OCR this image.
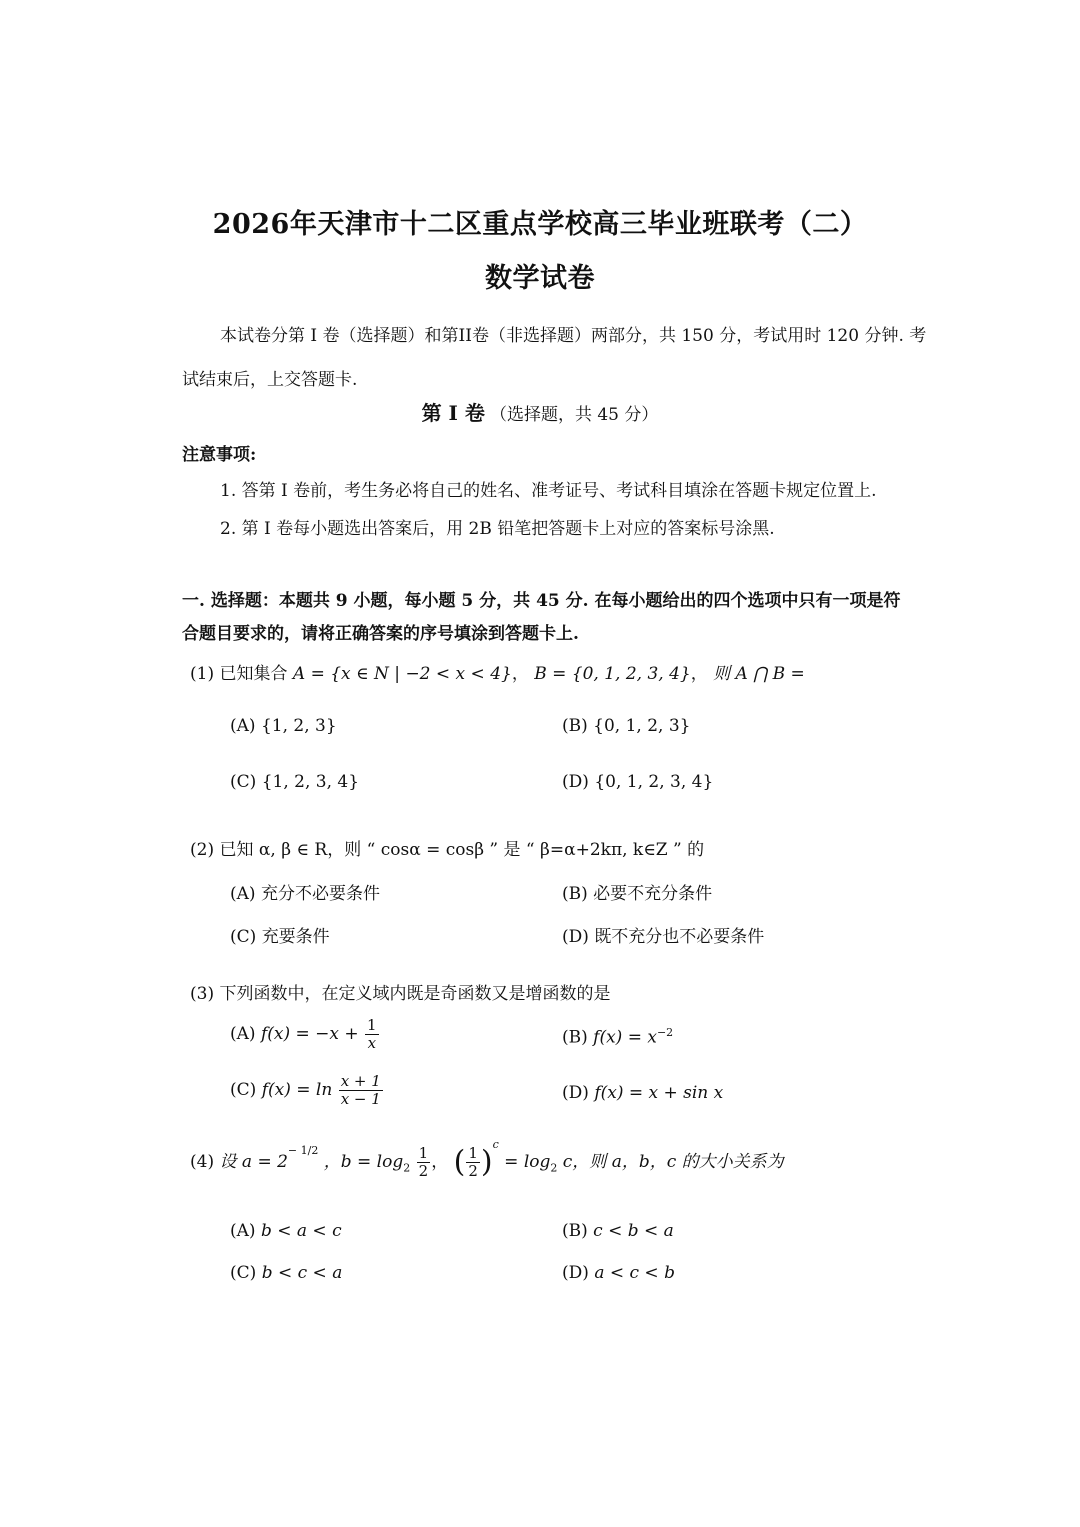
2026年天津市十二区重点学校高三毕业班联考（二）
数学试卷
本试卷分第 I 卷（选择题）和第II卷（非选择题）两部分，共 150 分，考试用时 120 分钟. 考
试结束后，上交答题卡.
第 I 卷 （选择题，共 45 分）
注意事项:
1. 答第 I 卷前，考生务必将自己的姓名、准考证号、考试科目填涂在答题卡规定位置上.
2. 第 I 卷每小题选出答案后，用 2B 铅笔把答题卡上对应的答案标号涂黑.
一. 选择题：本题共 9 小题，每小题 5 分，共 45 分. 在每小题给出的四个选项中只有一项是符
合题目要求的，请将正确答案的序号填涂到答题卡上.
(1) 已知集合 A = {x ∈ N | −2 < x < 4}， B = {0, 1, 2, 3, 4}， 则 A ⋂ B =
(A) {1, 2, 3}	(B) {0, 1, 2, 3}
(C) {1, 2, 3, 4}	(D) {0, 1, 2, 3, 4}
(2) 已知 α, β ∈ R，则 “ cosα = cosβ ” 是 “ β=α+2kπ, k∈Z ” 的
(A) 充分不必要条件	(B) 必要不充分条件
(C) 充要条件	(D) 既不充分也不必要条件
(3) 下列函数中，在定义域内既是奇函数又是增函数的是
(A) $f(x) = -x + \frac{1}{x}$	(B) $f(x) = x^{-2}$
(C) $f(x) = \ln \frac{x + 1}{x - 1}$	(D) f(x) = x + sin x
(4) 设 $a = 2^{- 1/2}$ ，$b = \log_2 \frac{1}{2}$ ， ( $\frac{1}{2} )^c = \log_2 c$，则 a，b，c 的大小关系为
(A) b < a < c	(B) c < b < a
(C) b < c < a	(D) a < c < b
